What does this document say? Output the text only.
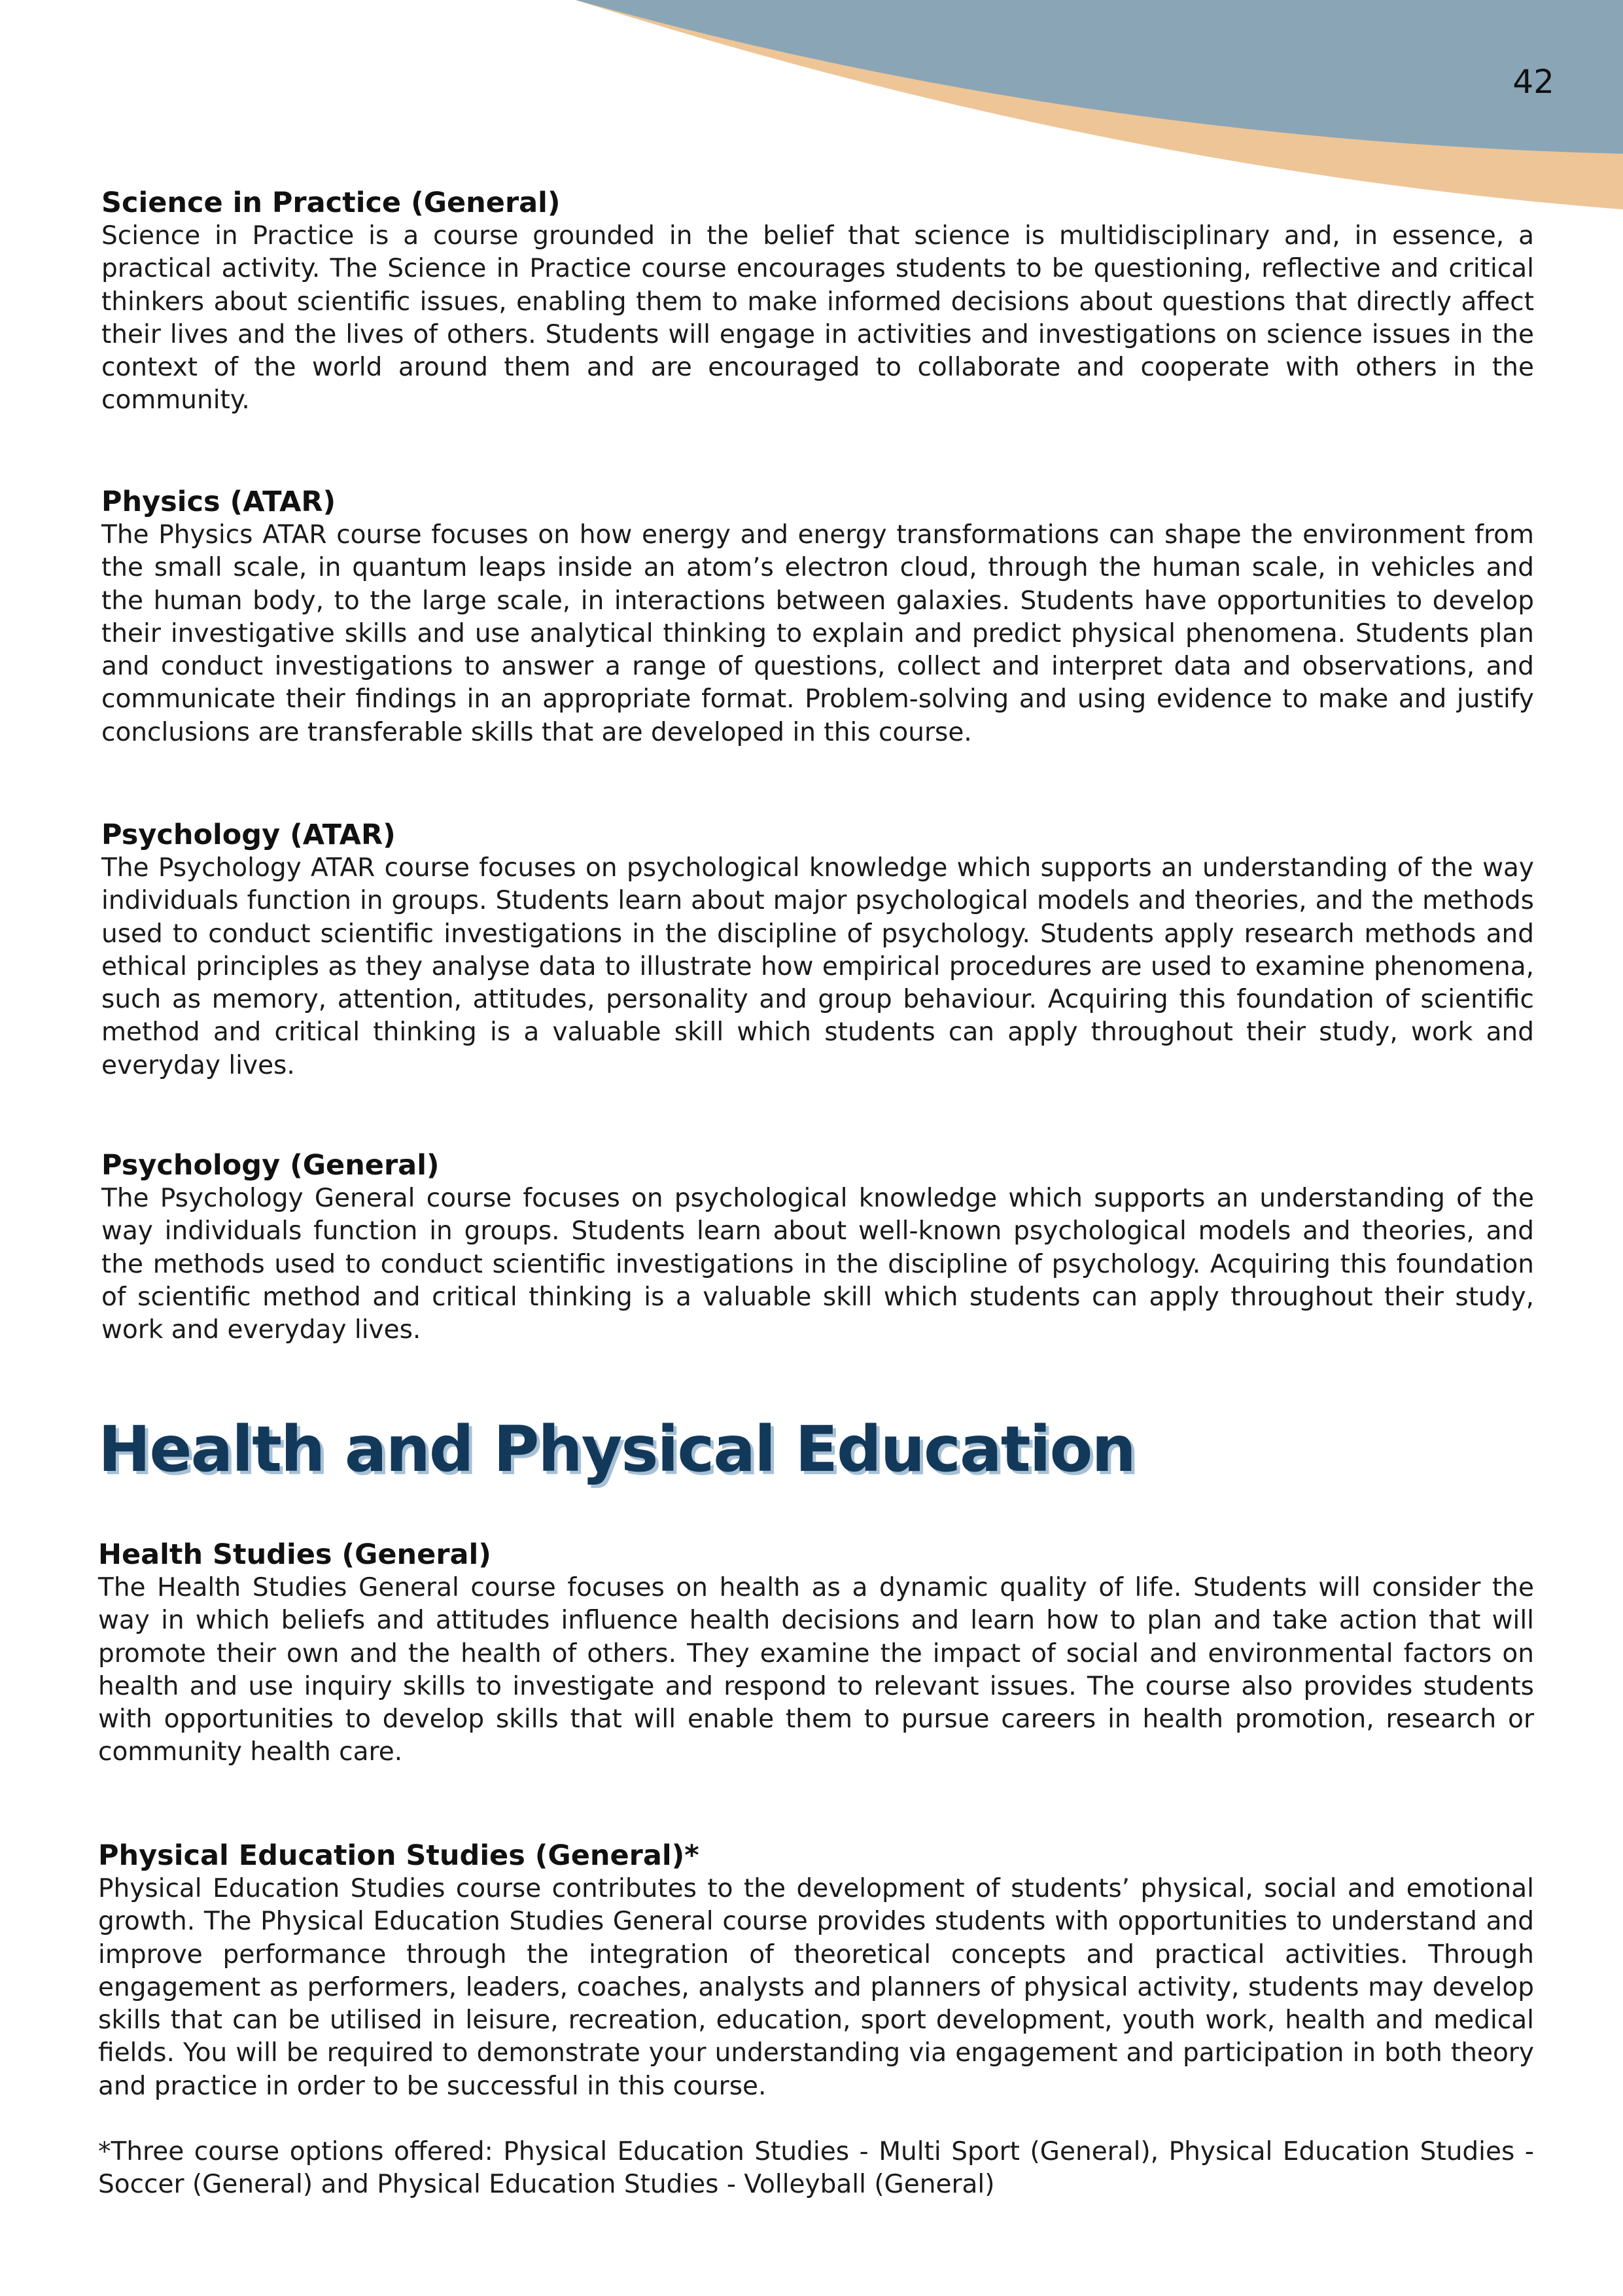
42
Science in Practice (General)

Science in Practice is a course grounded in the belief that science is multidisciplinary and, in essence, a practical activity. The Science in Practice course encourages students to be questioning, reflective and critical thinkers about scientific issues, enabling them to make informed decisions about questions that directly affect their lives and the lives of others. Students will engage in activities and investigations on science issues in the context of the world around them and are encouraged to collaborate and cooperate with others in the community.

Physics (ATAR)

The Physics ATAR course focuses on how energy and energy transformations can shape the environment from the small scale, in quantum leaps inside an atom’s electron cloud, through the human scale, in vehicles and the human body, to the large scale, in interactions between galaxies. Students have opportunities to develop their investigative skills and use analytical thinking to explain and predict physical phenomena. Students plan and conduct investigations to answer a range of questions, collect and interpret data and observations, and communicate their findings in an appropriate format. Problem-solving and using evidence to make and justify conclusions are transferable skills that are developed in this course.

Psychology (ATAR)

The Psychology ATAR course focuses on psychological knowledge which supports an understanding of the way individuals function in groups. Students learn about major psychological models and theories, and the methods used to conduct scientific investigations in the discipline of psychology. Students apply research methods and ethical principles as they analyse data to illustrate how empirical procedures are used to examine phenomena, such as memory, attention, attitudes, personality and group behaviour. Acquiring this foundation of scientific method and critical thinking is a valuable skill which students can apply throughout their study, work and everyday lives.

Psychology (General)

The Psychology General course focuses on psychological knowledge which supports an understanding of the way individuals function in groups. Students learn about well-known psychological models and theories, and the methods used to conduct scientific investigations in the discipline of psychology. Acquiring this foundation of scientific method and critical thinking is a valuable skill which students can apply throughout their study, work and everyday lives.

Health and Physical Education
Health Studies (General)

The Health Studies General course focuses on health as a dynamic quality of life. Students will consider the way in which beliefs and attitudes influence health decisions and learn how to plan and take action that will promote their own and the health of others. They examine the impact of social and environmental factors on health and use inquiry skills to investigate and respond to relevant issues. The course also provides students with opportunities to develop skills that will enable them to pursue careers in health promotion, research or community health care.

Physical Education Studies (General)*

Physical Education Studies course contributes to the development of students’ physical, social and emotional growth. The Physical Education Studies General course provides students with opportunities to understand and improve performance through the integration of theoretical concepts and practical activities. Through engagement as performers, leaders, coaches, analysts and planners of physical activity, students may develop skills that can be utilised in leisure, recreation, education, sport development, youth work, health and medical fields. You will be required to demonstrate your understanding via engagement and participation in both theory and practice in order to be successful in this course.

*Three course options offered: Physical Education Studies - Multi Sport (General), Physical Education Studies - Soccer (General) and Physical Education Studies - Volleyball (General)
